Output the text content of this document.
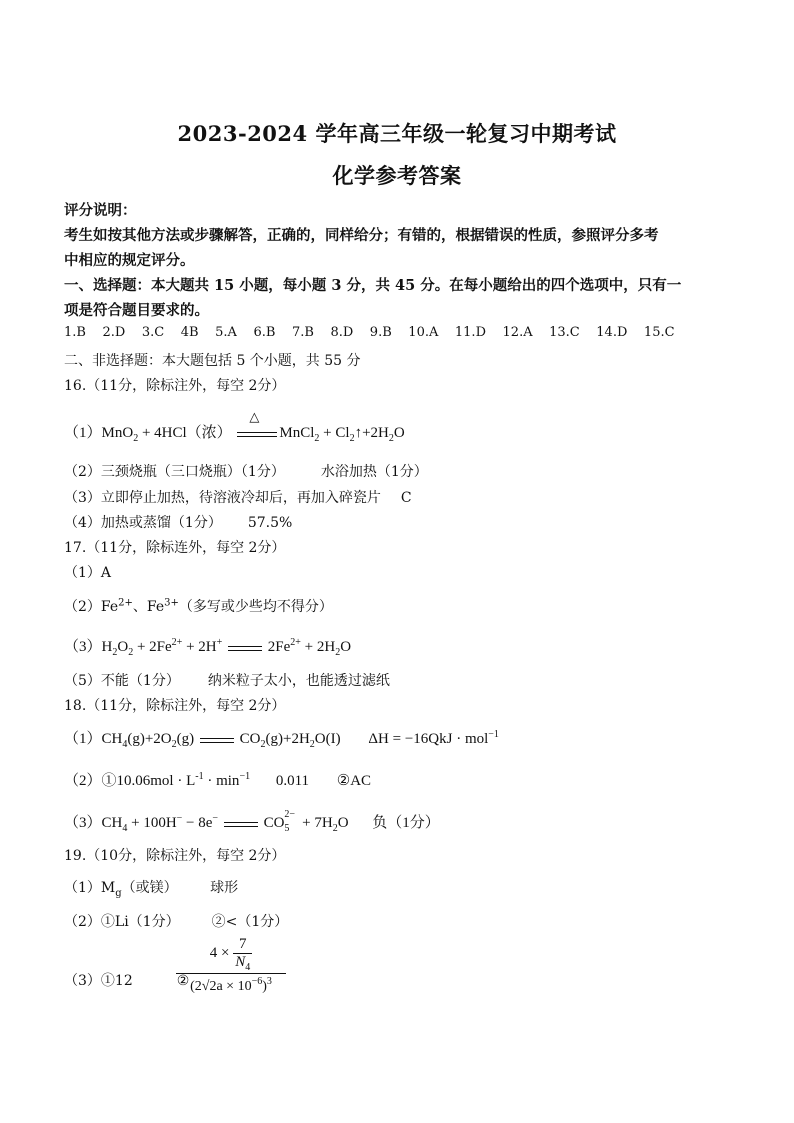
2023-2024 学年高三年级一轮复习中期考试
化学参考答案
评分说明：
考生如按其他方法或步骤解答，正确的，同样给分；有错的，根据错误的性质，参照评分多考
中相应的规定评分。
一、选择题：本大题共 15 小题，每小题 3 分，共 45 分。在每小题给出的四个选项中，只有一
项是符合题目要求的。
1.B 2.D 3.C 4B 5.A 6.B 7.B 8.D 9.B 10.A 11.D 12.A 13.C 14.D 15.C
二、非选择题：本大题包括 5 个小题，共 55 分
16.（11分，除标注外，每空 2分）
（1）MnO$_2$ + 4HCl（浓）
△
MnCl$_2$ + $Cl_2↑+2H_2O$
（2）三颈烧瓶（三口烧瓶）（1分）	水浴加热（1分）
（3）立即停止加热，待溶液冷却后，再加入碎瓷片 C
（4）加热或蒸馏（1分） 57.5%
17.（11分，除标连外，每空 2分）
（1）A
$(2)Fe^{2+}$、$Fe^{3+}$（多写或少些均不得分）
$(3)H_2O_2 + 2Fe^{2+} + 2H^+$	$2Fe^{2+} + 2H_2O$
（5）不能（1分） 纳米粒子太小，也能透过滤纸
18.（11分，除标注外，每空 2分）
$(1)CH_4(g)+2O_2(g)$	$CO_2(g)+2H_2O(I) \Delta H = -16QkJ \cdot mol^{-1}$
（2）①10.06mol · $L^{-1} \cdot \min^{-1} 0.011$ ②AC
$(3)CH_4 + 100H^- - 8e^-$	CO
2−
$5 + 7H_2O$ 负（1分）
19.（10分，除标注外，每空 2分）
$(1)M_g$（或镁） 球形
（2）①Li（1分） ②<（1分）
（3）①12	②
$\frac{4 \times \frac{7}{N_4}}{(2√2a \times 10^{-6})^3}$
